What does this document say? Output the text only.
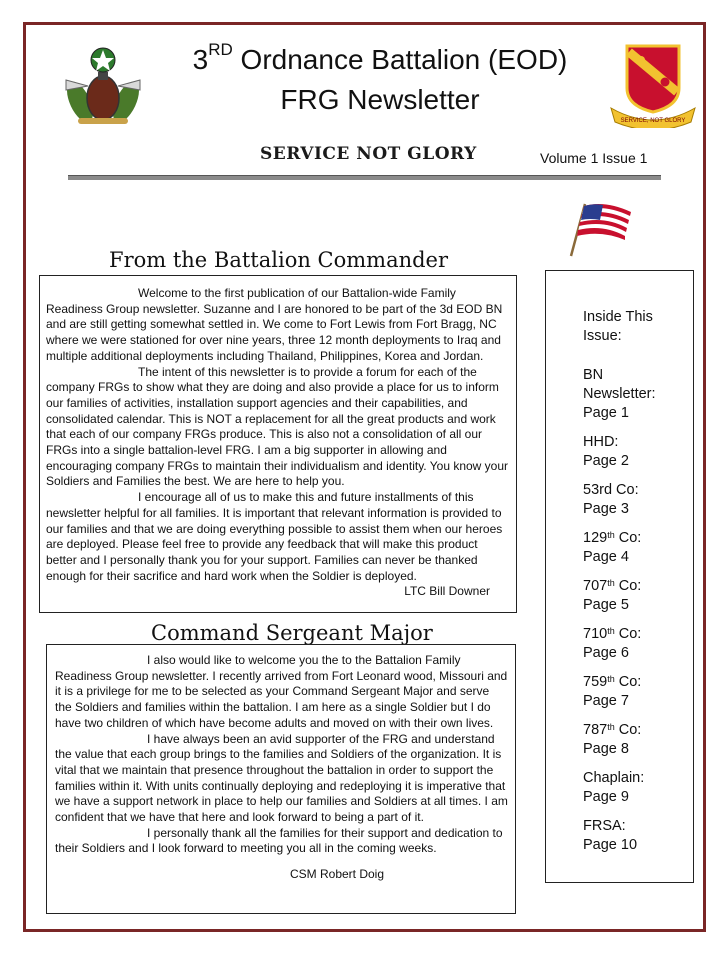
3RD Ordnance Battalion (EOD)
FRG Newsletter
SERVICE, NOT GLORY
SERVICE NOT GLORY	Volume 1 Issue 1
From the Battalion Commander

Welcome to the first publication of our Battalion-wide Family Readiness Group newsletter. Suzanne and I are honored to be part of the 3d EOD BN and are still getting somewhat settled in. We come to Fort Lewis from Fort Bragg, NC where we were stationed for over nine years, three 12 month deployments to Iraq and multiple additional deployments including Thailand, Philippines, Korea and Jordan.

The intent of this newsletter is to provide a forum for each of the company FRGs to show what they are doing and also provide a place for us to inform our families of activities, installation support agencies and their capabilities, and consolidated calendar. This is NOT a replacement for all the great products and work that each of our company FRGs produce. This is also not a consolidation of all our FRGs into a single battalion-level FRG. I am a big supporter in allowing and encouraging company FRGs to maintain their individualism and identity. You know your Soldiers and Families the best. We are here to help you.

I encourage all of us to make this and future installments of this newsletter helpful for all families. It is important that relevant information is provided to our families and that we are doing everything possible to assist them when our heroes are deployed. Please feel free to provide any feedback that will make this product better and I personally thank you for your support. Families can never be thanked enough for their sacrifice and hard work when the Soldier is deployed.

LTC Bill Downer

Command Sergeant Major

I also would like to welcome you the to the Battalion Family Readiness Group newsletter. I recently arrived from Fort Leonard wood, Missouri and it is a privilege for me to be selected as your Command Sergeant Major and serve the Soldiers and families within the battalion. I am here as a single Soldier but I do have two children of which have become adults and moved on with their own lives.

I have always been an avid supporter of the FRG and understand the value that each group brings to the families and Soldiers of the organization. It is vital that we maintain that presence throughout the battalion in order to support the families within it. With units continually deploying and redeploying it is imperative that we have a support network in place to help our families and Soldiers at all times. I am confident that we have that here and look forward to being a part of it.

I personally thank all the families for their support and dedication to their Soldiers and I look forward to meeting you all in the coming weeks.

CSM Robert Doig

Inside This Issue:
BN
Newsletter:
Page 1
HHD:
Page 2
53rd Co:
Page 3
129th Co:
Page 4
707th Co:
Page 5
710th Co:
Page 6
759th Co:
Page 7
787th Co:
Page 8
Chaplain:
Page 9
FRSA:
Page 10
